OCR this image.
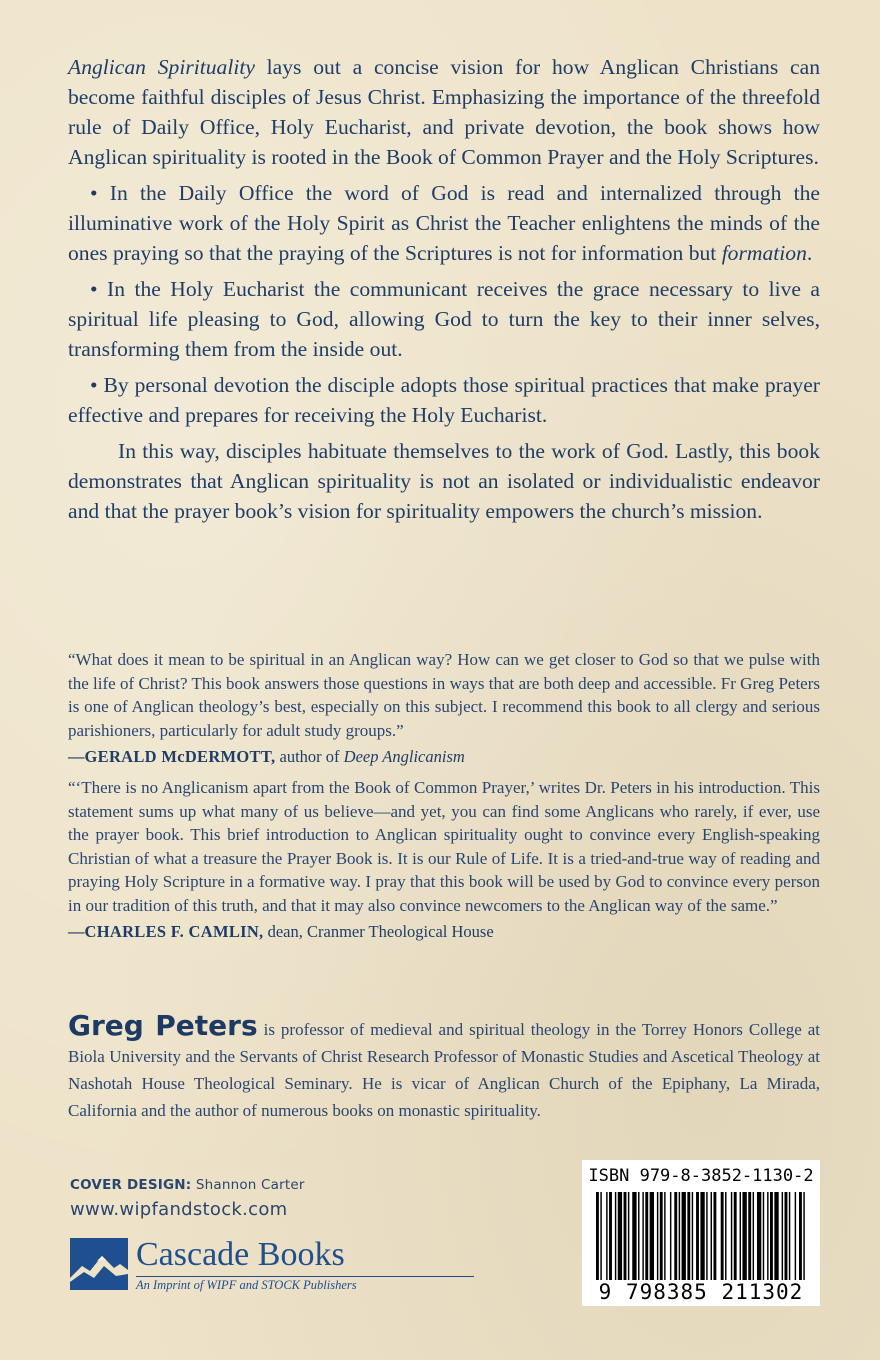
Anglican Spirituality lays out a concise vision for how Anglican Christians can become faithful disciples of Jesus Christ. Emphasizing the importance of the threefold rule of Daily Office, Holy Eucharist, and private devotion, the book shows how Anglican spirituality is rooted in the Book of Common Prayer and the Holy Scriptures.

• In the Daily Office the word of God is read and internalized through the illuminative work of the Holy Spirit as Christ the Teacher enlightens the minds of the ones praying so that the praying of the Scriptures is not for information but formation.

• In the Holy Eucharist the communicant receives the grace necessary to live a spiritual life pleasing to God, allowing God to turn the key to their inner selves, transforming them from the inside out.

• By personal devotion the disciple adopts those spiritual practices that make prayer effective and prepares for receiving the Holy Eucharist.

In this way, disciples habituate themselves to the work of God. Lastly, this book demonstrates that Anglican spirituality is not an isolated or individualistic endeavor and that the prayer book’s vision for spirituality empowers the church’s mission.

“What does it mean to be spiritual in an Anglican way? How can we get closer to God so that we pulse with the life of Christ? This book answers those questions in ways that are both deep and accessible. Fr Greg Peters is one of Anglican theology’s best, especially on this subject. I recommend this book to all clergy and serious parishioners, particularly for adult study groups.”

—GERALD McDERMOTT, author of Deep Anglicanism

“‘There is no Anglicanism apart from the Book of Common Prayer,’ writes Dr. Peters in his introduction. This statement sums up what many of us believe—and yet, you can find some Anglicans who rarely, if ever, use the prayer book. This brief introduction to Anglican spirituality ought to convince every English-speaking Christian of what a treasure the Prayer Book is. It is our Rule of Life. It is a tried-and-true way of reading and praying Holy Scripture in a formative way. I pray that this book will be used by God to convince every person in our tradition of this truth, and that it may also convince newcomers to the Anglican way of the same.”

—CHARLES F. CAMLIN, dean, Cranmer Theological House
Greg Peters is professor of medieval and spiritual theology in the Torrey Honors College at Biola University and the Servants of Christ Research Professor of Monastic Studies and Ascetical Theology at Nashotah House Theological Seminary. He is vicar of Anglican Church of the Epiphany, La Mirada, California and the author of numerous books on monastic spirituality.
COVER DESIGN: Shannon Carter
www.wipfandstock.com
Cascade Books
An Imprint of WIPF and STOCK Publishers
ISBN 979-8-3852-1130-2
9 798385 211302
